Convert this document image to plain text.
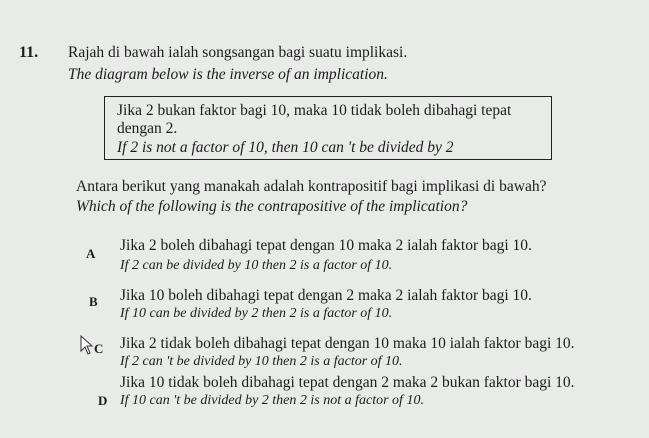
11. Rajah di bawah ialah songsangan bagi suatu implikasi.
The diagram below is the inverse of an implication.
Jika 2 bukan faktor bagi 10, maka 10 tidak boleh dibahagi tepat
dengan 2.
If 2 is not a factor of 10, then 10 can 't be divided by 2
Antara berikut yang manakah adalah kontrapositif bagi implikasi di bawah?
Which of the following is the contrapositive of the implication?
A Jika 2 boleh dibahagi tepat dengan 10 maka 2 ialah faktor bagi 10.
If 2 can be divided by 10 then 2 is a factor of 10.
B Jika 10 boleh dibahagi tepat dengan 2 maka 2 ialah faktor bagi 10.
If 10 can be divided by 2 then 2 is a factor of 10.
C Jika 2 tidak boleh dibahagi tepat dengan 10 maka 10 ialah faktor bagi 10.
If 2 can 't be divided by 10 then 2 is a factor of 10.
D
Jika 10 tidak boleh dibahagi tepat dengan 2 maka 2 bukan faktor bagi 10.
If 10 can 't be divided by 2 then 2 is not a factor of 10.
